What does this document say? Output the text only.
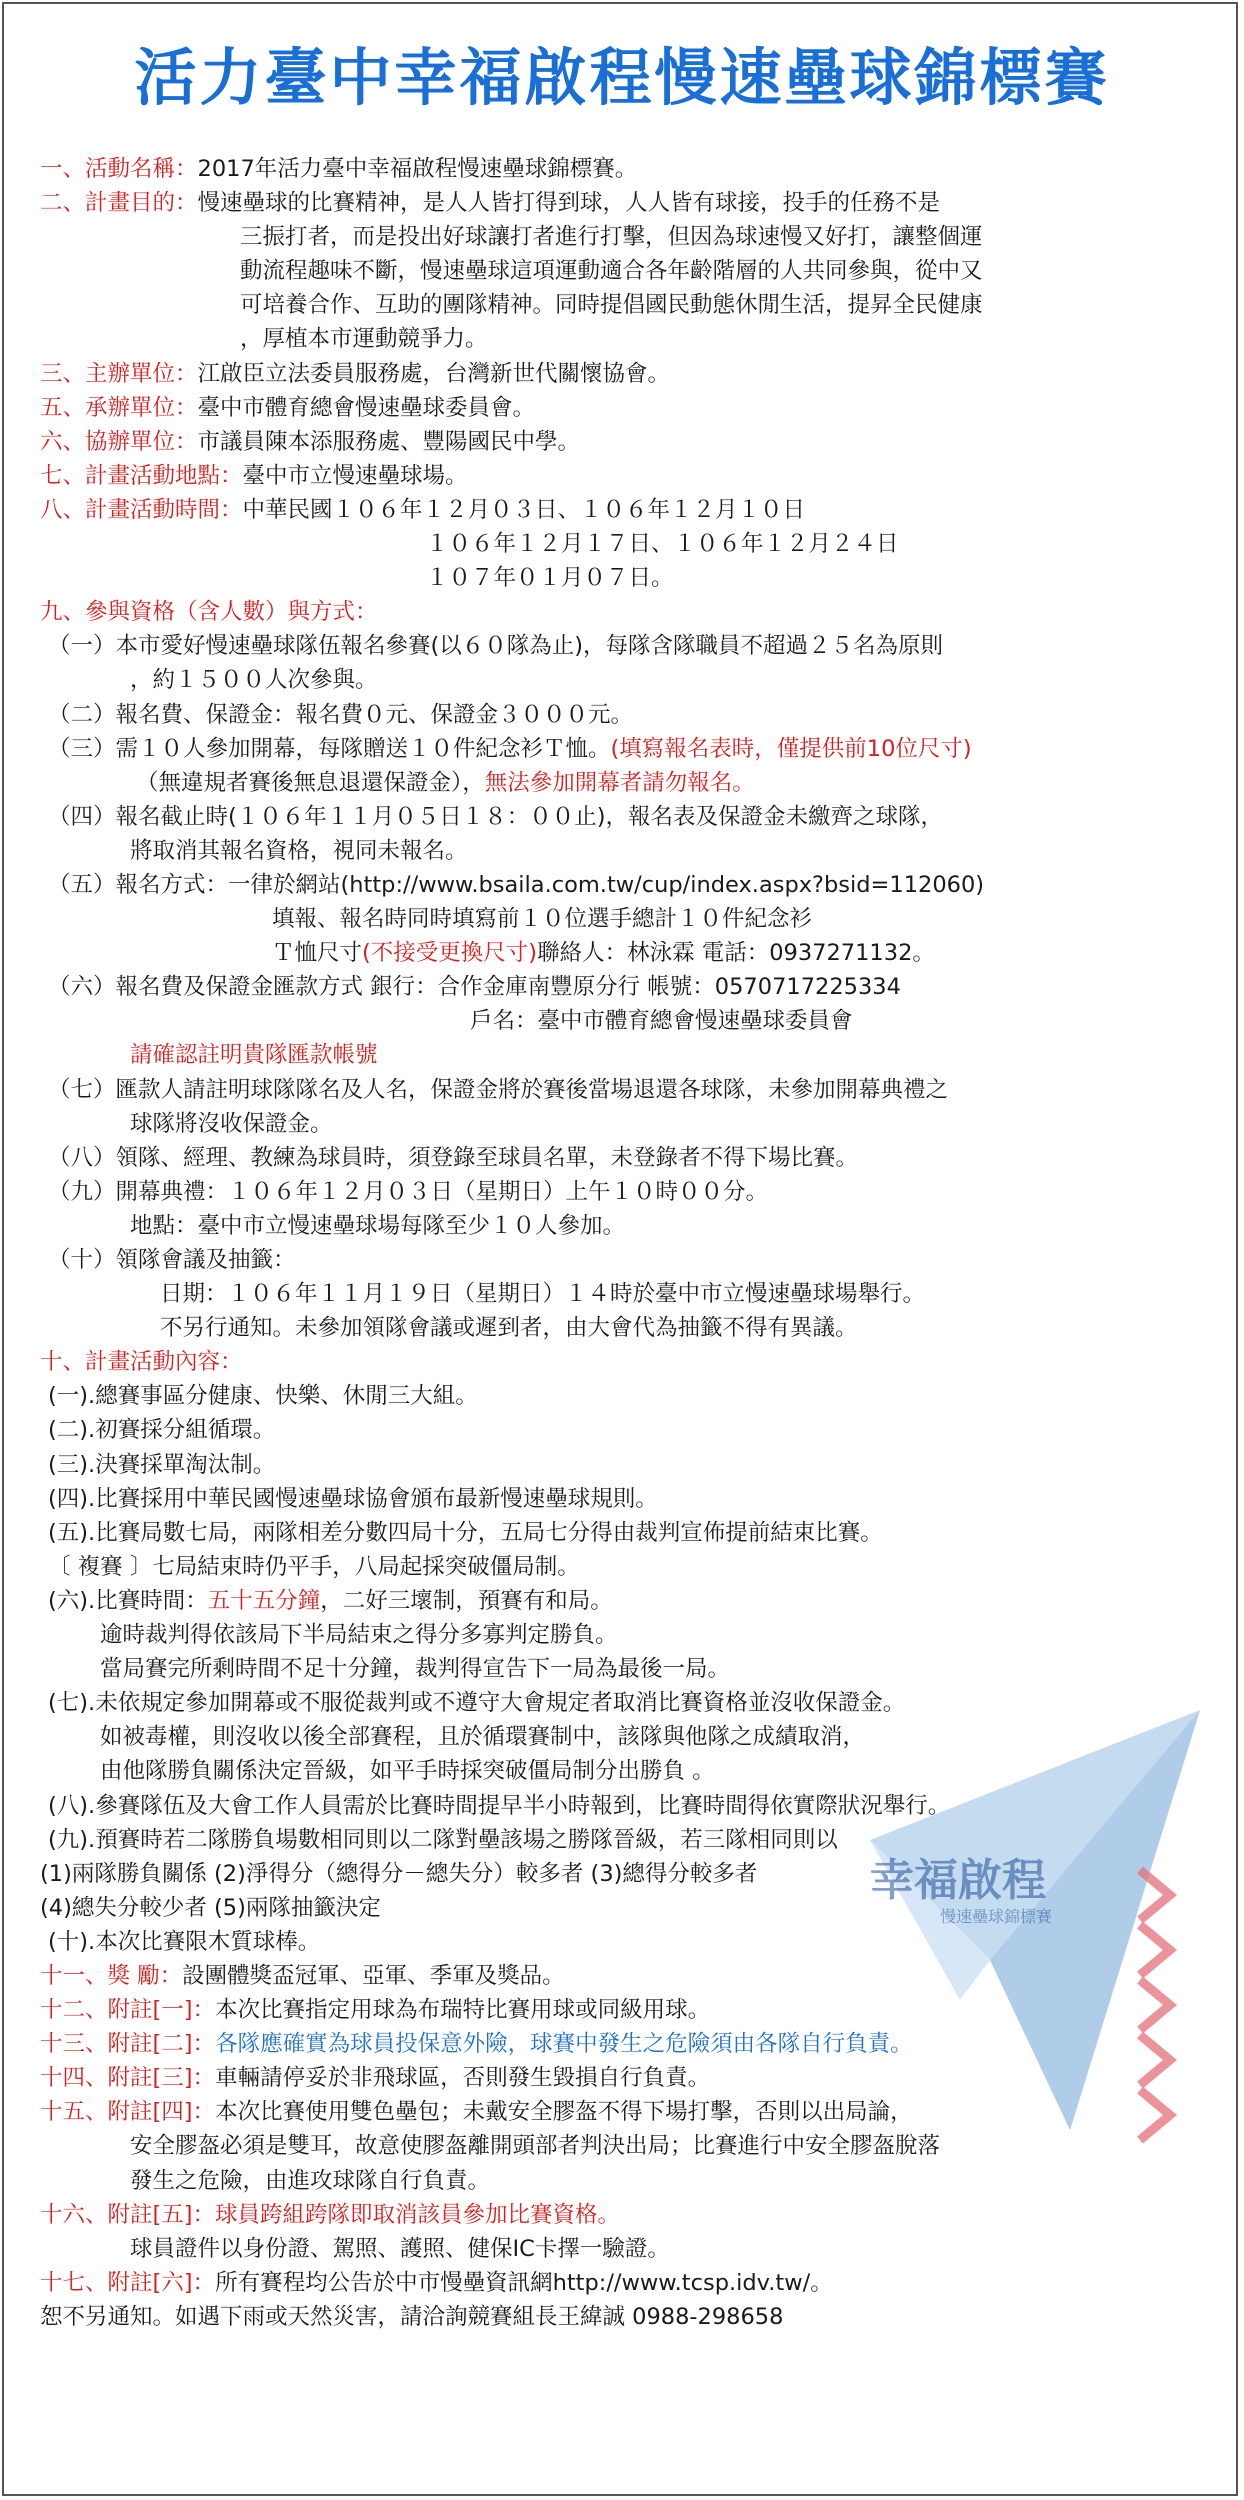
活力臺中幸福啟程慢速壘球錦標賽
幸福啟程
慢速壘球錦標賽
一、活動名稱：2017年活力臺中幸福啟程慢速壘球錦標賽。
二、計畫目的：慢速壘球的比賽精神，是人人皆打得到球，人人皆有球接，投手的任務不是
三振打者，而是投出好球讓打者進行打擊，但因為球速慢又好打，讓整個運
動流程趣味不斷，慢速壘球這項運動適合各年齡階層的人共同參與，從中又
可培養合作、互助的團隊精神。同時提倡國民動態休閒生活，提昇全民健康
，厚植本市運動競爭力。
三、主辦單位：江啟臣立法委員服務處，台灣新世代關懷協會。
五、承辦單位：臺中市體育總會慢速壘球委員會。
六、協辦單位：市議員陳本添服務處、豐陽國民中學。
七、計畫活動地點：臺中市立慢速壘球場。
八、計畫活動時間：中華民國１０６年１２月０３日、１０６年１２月１０日
１０６年１２月１７日、１０６年１２月２４日
１０７年０１月０７日。
九、參與資格（含人數）與方式：
（一）本市愛好慢速壘球隊伍報名參賽(以６０隊為止)，每隊含隊職員不超過２５名為原則
，約１５００人次參與。
（二）報名費、保證金：報名費０元、保證金３０００元。
（三）需１０人參加開幕，每隊贈送１０件紀念衫Ｔ恤。(填寫報名表時，僅提供前10位尺寸)
（無違規者賽後無息退還保證金），無法參加開幕者請勿報名。
（四）報名截止時(１０６年１１月０５日１８：００止)，報名表及保證金未繳齊之球隊，
將取消其報名資格，視同未報名。
（五）報名方式：一律於網站(http://www.bsaila.com.tw/cup/index.aspx?bsid=112060)
填報、報名時同時填寫前１０位選手總計１０件紀念衫
Ｔ恤尺寸(不接受更換尺寸)聯絡人：林泳霖 電話：0937271132。
（六）報名費及保證金匯款方式 銀行：合作金庫南豐原分行 帳號：0570717225334
戶名：臺中市體育總會慢速壘球委員會
請確認註明貴隊匯款帳號
（七）匯款人請註明球隊隊名及人名，保證金將於賽後當場退還各球隊，未參加開幕典禮之
球隊將沒收保證金。
（八）領隊、經理、教練為球員時，須登錄至球員名單，未登錄者不得下場比賽。
（九）開幕典禮：１０６年１２月０３日（星期日）上午１０時００分。
地點：臺中市立慢速壘球場每隊至少１０人參加。
（十）領隊會議及抽籤：
日期：１０６年１１月１９日（星期日）１４時於臺中市立慢速壘球場舉行。
不另行通知。未參加領隊會議或遲到者，由大會代為抽籤不得有異議。
十、計畫活動內容：
(一).總賽事區分健康、快樂、休閒三大組。
(二).初賽採分組循環。
(三).決賽採單淘汰制。
(四).比賽採用中華民國慢速壘球協會頒布最新慢速壘球規則。
(五).比賽局數七局，兩隊相差分數四局十分，五局七分得由裁判宣佈提前結束比賽。
〔 複賽 〕七局結束時仍平手，八局起採突破僵局制。
(六).比賽時間：五十五分鐘，二好三壞制，預賽有和局。
逾時裁判得依該局下半局結束之得分多寡判定勝負。
當局賽完所剩時間不足十分鐘，裁判得宣告下一局為最後一局。
(七).未依規定參加開幕或不服從裁判或不遵守大會規定者取消比賽資格並沒收保證金。
如被毒權，則沒收以後全部賽程，且於循環賽制中，該隊與他隊之成績取消，
由他隊勝負關係決定晉級，如平手時採突破僵局制分出勝負 。
(八).參賽隊伍及大會工作人員需於比賽時間提早半小時報到，比賽時間得依實際狀況舉行。
(九).預賽時若二隊勝負場數相同則以二隊對壘該場之勝隊晉級，若三隊相同則以
(1)兩隊勝負關係 (2)淨得分（總得分－總失分）較多者 (3)總得分較多者
(4)總失分較少者 (5)兩隊抽籤決定
(十).本次比賽限木質球棒。
十一、獎 勵：設團體獎盃冠軍、亞軍、季軍及獎品。
十二、附註[一]：本次比賽指定用球為布瑞特比賽用球或同級用球。
十三、附註[二]：各隊應確實為球員投保意外險，球賽中發生之危險須由各隊自行負責。
十四、附註[三]：車輛請停妥於非飛球區，否則發生毀損自行負責。
十五、附註[四]：本次比賽使用雙色壘包；未戴安全膠盔不得下場打擊，否則以出局論，
安全膠盔必須是雙耳，故意使膠盔離開頭部者判決出局；比賽進行中安全膠盔脫落
發生之危險，由進攻球隊自行負責。
十六、附註[五]：球員跨組跨隊即取消該員參加比賽資格。
球員證件以身份證、駕照、護照、健保IC卡擇一驗證。
十七、附註[六]：所有賽程均公告於中市慢壘資訊網http://www.tcsp.idv.tw/。
恕不另通知。如遇下雨或天然災害，請洽詢競賽組長王緯誠 0988-298658
